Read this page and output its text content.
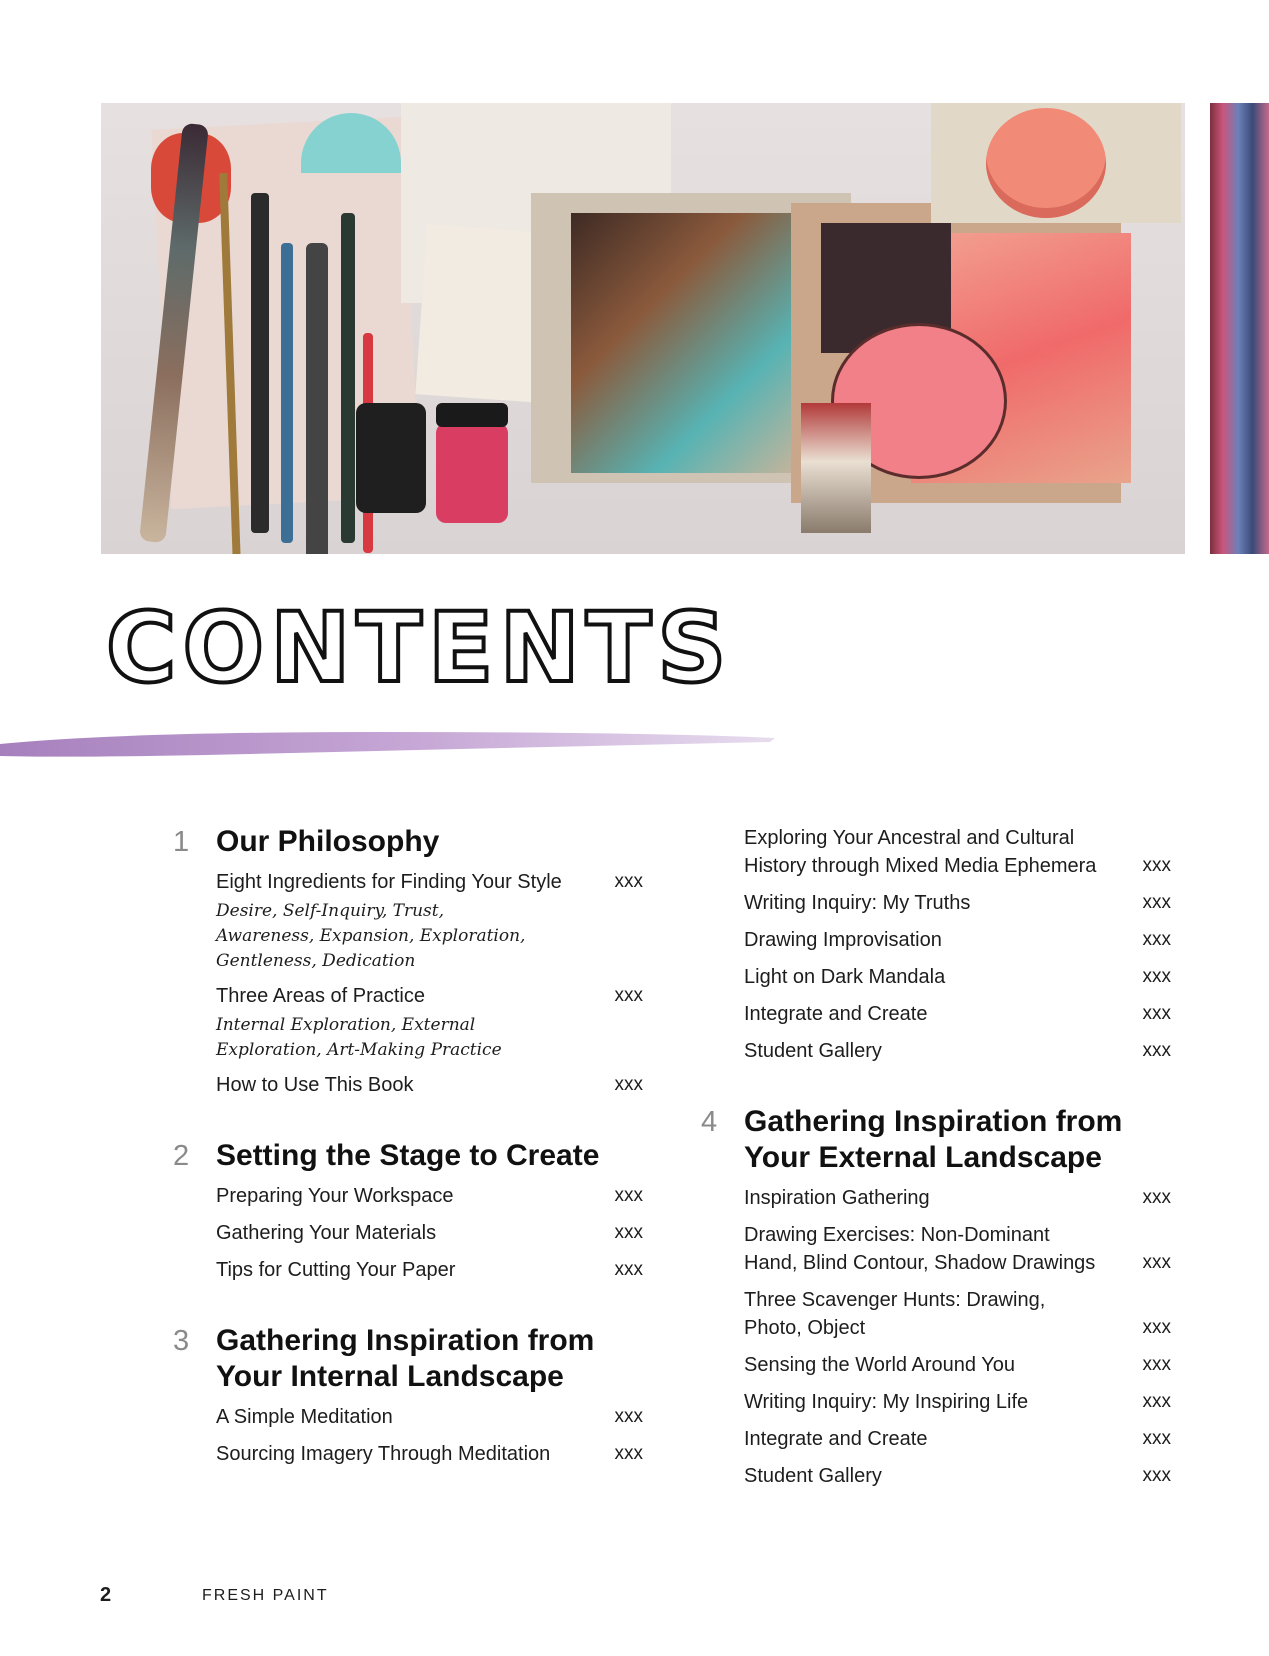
CONTENTS
1 Our Philosophy
Eight Ingredients for Finding Your Style	xxx
Desire, Self-Inquiry, Trust, Awareness, Expansion, Exploration, Gentleness, Dedication
Three Areas of Practice	xxx
Internal Exploration, External Exploration, Art-Making Practice
How to Use This Book	xxx
2 Setting the Stage to Create
Preparing Your Workspace	xxx
Gathering Your Materials	xxx
Tips for Cutting Your Paper	xxx
3 Gathering Inspiration from Your Internal Landscape
A Simple Meditation	xxx
Sourcing Imagery Through Meditation	xxx
Exploring Your Ancestral and Cultural History through Mixed Media Ephemera	xxx
Writing Inquiry: My Truths	xxx
Drawing Improvisation	xxx
Light on Dark Mandala	xxx
Integrate and Create	xxx
Student Gallery	xxx
4 Gathering Inspiration from Your External Landscape
Inspiration Gathering	xxx
Drawing Exercises: Non-Dominant Hand, Blind Contour, Shadow Drawings	xxx
Three Scavenger Hunts: Drawing, Photo, Object	xxx
Sensing the World Around You	xxx
Writing Inquiry: My Inspiring Life	xxx
Integrate and Create	xxx
Student Gallery	xxx
2	FRESH PAINT
